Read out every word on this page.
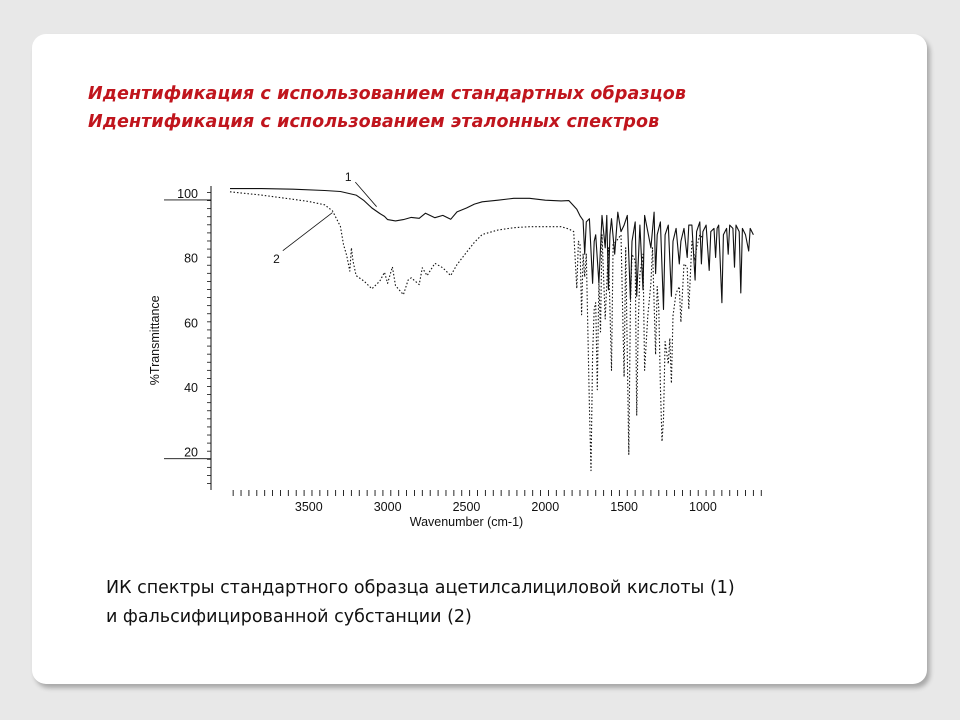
Идентификация с использованием стандартных образцов
Идентификация с использованием эталонных спектров
100
80
60
40
20
3500	3000	2500	2000	1500	1000
Wavenumber (cm-1)
%Transmittance
1
2
ИК спектры стандартного образца ацетилсалициловой кислоты (1)
и фальсифицированной субстанции (2)
